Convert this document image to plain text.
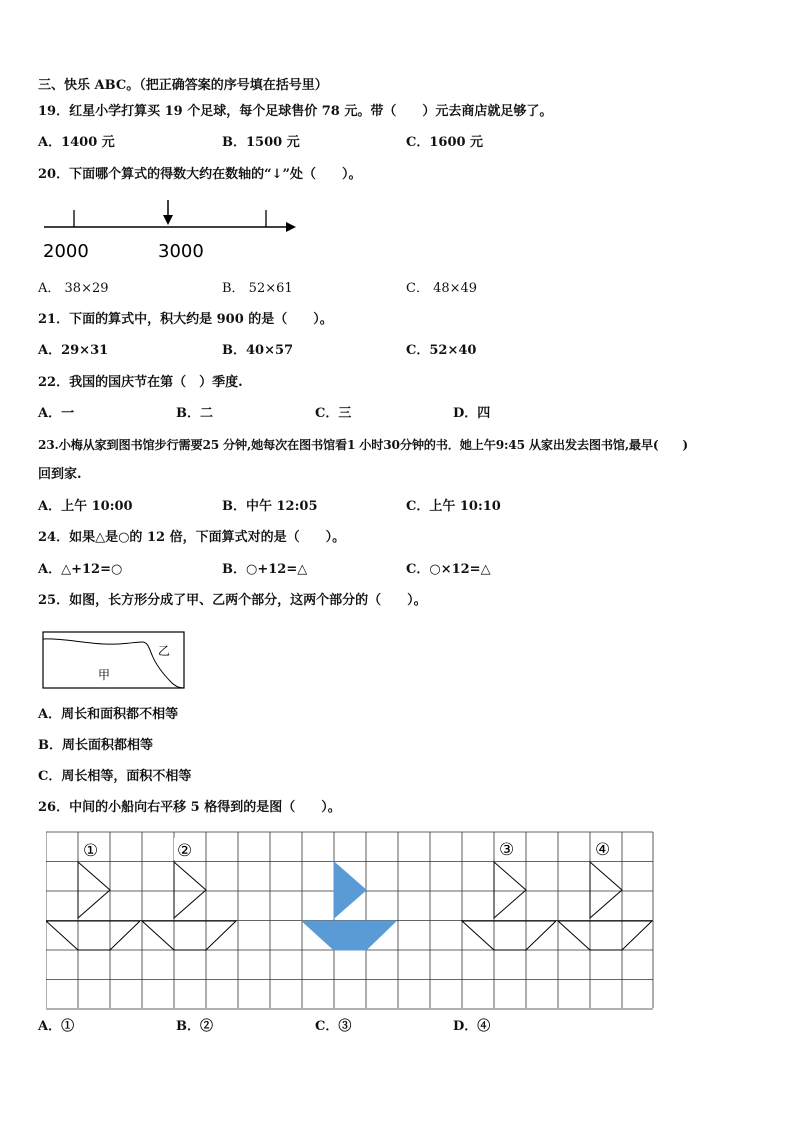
三、快乐 ABC。（把正确答案的序号填在括号里）
19．红星小学打算买 19 个足球，每个足球售价 78 元。带（　　）元去商店就足够了。
A．1400 元	B．1500 元	C．1600 元
20．下面哪个算式的得数大约在数轴的“↓”处（　　）。
2000	3000
A． 38×29	B． 52×61	C． 48×49
21．下面的算式中，积大约是 900 的是（　　）。
A．29×31	B．40×57	C．52×40
22．我国的国庆节在第（　）季度.
A．一	B．二	C．三	D．四
23.小梅从家到图书馆步行需要25 分钟,她每次在图书馆看1 小时30分钟的书．她上午9:45 从家出发去图书馆,最早(　　)
回到家.
A．上午 10:00	B．中午 12:05	C．上午 10:10
24．如果△是○的 12 倍，下面算式对的是（　　）。
A．△+12=○	B．○+12=△	C．○×12=△
25．如图，长方形分成了甲、乙两个部分，这两个部分的（　　）。
乙
甲
A．周长和面积都不相等
B．周长面积都相等
C．周长相等，面积不相等
26．中间的小船向右平移 5 格得到的是图（　　）。
①	②	③	④
A．①	B．②	C．③	D．④
